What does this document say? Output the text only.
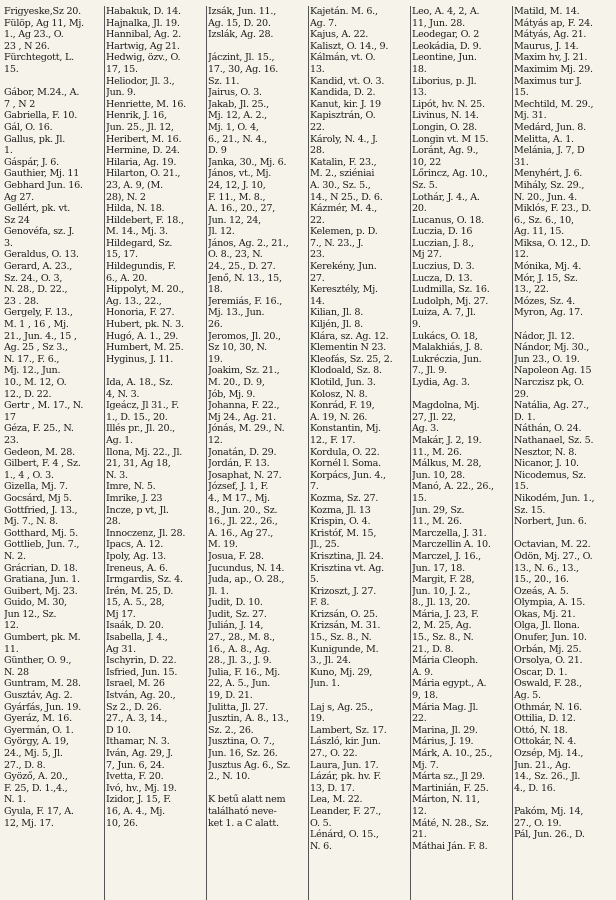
Frigyeske,Sz 20.
Fülöp, Ag 11, Mj.
1., Ag 23., O.
23 , N 26.
Fürchtegott, L.
15.
Gábor, M.24., A.
7 , N 2
Gabriella, F. 10.
Gál, O. 16.
Gallus, pk. Jl.
1.
Gáspár, J. 6.
Gauthier, Mj. 11
Gebhard Jun. 16.
Ag 27.
Gellért, pk. vt.
Sz 24
Genovéfa, sz. J.
3.
Geraldus, O. 13.
Gerard, A. 23.,
Sz. 24., O. 3,
N. 28., D. 22.,
23 . 28.
Gergely, F. 13.,
M. 1 , 16 , Mj.
21., Jun. 4., 15 ,
Ag. 25 , Sz 3.,
N. 17., F. 6.,
Mj. 12., Jun.
10., M. 12, O.
12., D. 22.
Gertr , M. 17., N.
17
Géza, F. 25., N.
23.
Gedeon, M. 28.
Gilbert, F. 4 , Sz.
1., 4 , O. 3.
Gizella, Mj. 7.
Gocsárd, Mj 5.
Gottfried, J. 13.,
Mj. 7., N. 8.
Gotthard, Mj. 5.
Gottlieb, Jun. 7.,
N. 2.
Grácrian, D. 18.
Gratiana, Jun. 1.
Guibert, Mj. 23.
Guido, M. 30,
Jun 12., Sz.
12.
Gumbert, pk. M.
11.
Günther, O. 9.,
N. 28
Guntram, M. 28.
Gusztáv, Ag. 2.
Gyárfás, Jun. 19.
Gyeráz, M. 16.
Gyermán, O. 1.
György, A. 19,
24., Mj. 5, Jl.
27., D. 8.
Gyöző, A. 20.,
F. 25, D. 1.,4.,
N. 1.
Gyula, F. 17, A.
12, Mj. 17.
Habakuk, D. 14.
Hajnalka, Jl. 19.
Hannibal, Ag. 2.
Hartwig, Ag 21.
Hedwig, özv., O.
17, 15.
Heliodor, Jl. 3.,
Jun. 9.
Henriette, M. 16.
Henrik, J. 16,
Jun. 25., Jl. 12,
Heribert, M. 16.
Hermine, D. 24.
Hilaria, Ag. 19.
Hilarton, O. 21.,
23, A. 9, (M.
28), N. 2
Hilda, N. 18.
Hildebert, F. 18.,
M. 14., Mj. 3.
Hildegard, Sz.
15, 17.
Hildegundis, F.
6., A. 20.
Hippolyt, M. 20.,
Ag. 13., 22.,
Honoria, F. 27.
Hubert, pk. N. 3.
Hugó, A. 1., 29.
Humbert, M. 25.
Hyginus, J. 11.
Ida, A. 18., Sz.
4, N. 3.
Igeácz, Jl 31., F.
1., D. 15., 20.
Illés pr., Jl. 20.,
Ag. 1.
Ilona, Mj. 22., Jl.
21, 31, Ag 18,
N. 3.
Imre, N. 5.
Imrike, J. 23
Incze, p vt, Jl.
28.
Innoczenz, Jl. 28.
Ipacs, A. 12.
Ipoly, Ag. 13.
Ireneus, A. 6.
Irmgardis, Sz. 4.
Irén, M. 25, D.
15, A. 5., 28,
Mj 17.
Isaák, D. 20.
Isabella, J. 4.,
Ag 31.
Ischyrin, D. 22.
Isfried, Jun. 15.
Israel, M. 26
István, Ag. 20.,
Sz 2., D. 26.
27., A. 3, 14.,
D 10.
Ithamar, N. 3.
Iván, Ag. 29, J.
7, Jun. 6, 24.
Ivetta, F. 20.
Ivó, hv., Mj. 19.
Izidor, J. 15, F.
16, A. 4., Mj.
10, 26.
Izsák, Jun. 11.,
Ag. 15, D. 20.
Izslák, Ag. 28.
Jáczint, Jl. 15.,
17., 30, Ag. 16.
Sz. 11.
Jairus, O. 3.
Jakab, Jl. 25.,
Mj. 12, A. 2.,
Mj. 1, O. 4,
6., 21., N. 4.,
D. 9
Janka, 30., Mj. 6.
János, vt., Mj.
24, 12, J. 10,
F. 11., M. 8.,
A. 16., 20., 27,
Jun. 12, 24,
Jl. 12.
János, Ag. 2., 21.,
O. 8., 23, N.
24., 25., D. 27.
Jenő, N. 13., 15,
18.
Jeremiás, F. 16.,
Mj. 13., Jun.
26.
Jeromos, Jl. 20.,
Sz 10, 30, N.
19.
Joakim, Sz. 21.,
M. 20., D. 9,
Jób, Mj. 9.
Johanna, F. 22.,
Mj 24., Ag. 21.
Jónás, M. 29., N.
12.
Jonatán, D. 29.
Jordán, F. 13.
Josaphat, N. 27.
József, J. 1, F.
4., M 17., Mj.
8., Jun. 20., Sz.
16., Jl. 22., 26.,
A. 16., Ag 27.,
M. 19.
Josua, F. 28.
Jucundus, N. 14.
Juda, ap., O. 28.,
Jl. 1.
Judit, D. 10.
Judit, Sz. 27.
Julián, J. 14,
27., 28., M. 8.,
16., A. 8., Ag.
28., Jl. 3., J. 9.
Julia, F. 16., Mj.
22, A. 5., Jun.
19, D. 21.
Julitta, Jl. 27.
Jusztin, A. 8., 13.,
Sz. 2., 26.
Jusztina, O. 7.,
Jun. 16, Sz. 26.
Jusztus Ag. 6., Sz.
2., N. 10.
K betű alatt nem
található neve-
ket 1. a C alatt.
Kajetán. M. 6.,
Ag. 7.
Kajus, A. 22.
Kaliszt, O. 14., 9.
Kálmán, vt. O.
13.
Kandid, vt. O. 3.
Kandida, D. 2.
Kanut, kir. J. 19
Kapisztrán, O.
22.
Károly, N. 4., J.
28.
Katalin, F. 23.,
M. 2., sziéniai
A. 30., Sz. 5.,
14., N 25., D. 6.
Kázmér, M. 4.,
22.
Kelemen, p. D.
7., N. 23., J.
23.
Kerekény, Jun.
27.
Keresztély, Mj.
14.
Kilian, Jl. 8.
Kiljén, Jl. 8.
Klára, sz. Ag. 12.
Klementin N 23.
Kleofás, Sz. 25, 2.
Klodoald, Sz. 8.
Klotild, Jun. 3.
Kolosz, N. 8.
Konrád, F. 19,
A. 19, N. 26.
Konstantin, Mj.
12., F. 17.
Kordula, O. 22.
Kornél l. Soma.
Korpács, Jun. 4.,
7.
Kozma, Sz. 27.
Kozma, Jl. 13
Krispin, O. 4.
Kristóf, M. 15,
Jl., 25.
Krisztina, Jl. 24.
Krisztina vt. Ag.
5.
Krizoszt, J. 27.
F. 8.
Krizsán, O. 25.
Krizsán, M. 31.
15., Sz. 8., N.
Kunigunde, M.
3., Jl. 24.
Kuno, Mj. 29,
Jun. 1.
Laj s, Ag. 25.,
19.
Lambert, Sz. 17.
László, kir. Jun.
27., O. 22.
Laura, Jun. 17.
Lázár, pk. hv. F.
13, D. 17.
Lea, M. 22.
Leander, F. 27.,
O. 5.
Lénárd, O. 15.,
N. 6.
Leo, A. 4, 2, A.
11, Jun. 28.
Leodegar, O. 2
Leokádia, D. 9.
Leontine, Jun.
18.
Liborius, p. Jl.
13.
Lipót, hv. N. 25.
Livinus, N. 14.
Longin, O. 28.
Longin vt. M 15.
Loránt, Ag. 9.,
10, 22
Lőrincz, Ag. 10.,
Sz. 5.
Lothár, J. 4., A.
20.
Lucanus, O. 18.
Luczia, D. 16
Luczian, J. 8.,
Mj 27.
Luczius, D. 3.
Lucza, D. 13.
Ludmilla, Sz. 16.
Ludolph, Mj. 27.
Luiza, A. 7, Jl.
9.
Lukács, O. 18,
Malakhiás, J. 8.
Lukréczia, Jun.
7., Jl. 9.
Lydia, Ag. 3.
Magdolna, Mj.
27, Jl. 22,
Ag. 3.
Makár, J. 2, 19.
11., M. 26.
Málkus, M. 28,
Jun. 10, 28.
Manó, A. 22., 26.,
15.
Jun. 29, Sz.
11., M. 26.
Marczella, J. 31.
Marczellin A. 10.
Marczel, J. 16.,
Jun. 17, 18.
Margit, F. 28,
Jun. 10, J. 2.,
8., Jl. 13, 20.
Mária, J. 23, F.
2, M. 25, Ag.
15., Sz. 8., N.
21., D. 8.
Mária Cleoph.
A. 9.
Mária egypt., A.
9, 18.
Mária Mag. Jl.
22.
Marina, Jl. 29.
Márius, J. 19.
Márk, A. 10., 25.,
Mj. 7.
Márta sz., Jl 29.
Martinián, F. 25.
Márton, N. 11,
12.
Máté, N. 28., Sz.
21.
Máthai Ján. F. 8.
Matild, M. 14.
Mátyás ap, F. 24.
Mátyás, Ag. 21.
Maurus, J. 14.
Maxim hv, J. 21.
Maximim Mj. 29.
Maximus tur J.
15.
Mechtild, M. 29.,
Mj. 31.
Medárd, Jun. 8.
Melitta, A. 1.
Melánia, J. 7, D
31.
Menyhért, J. 6.
Mihály, Sz. 29.,
N. 20., Jun. 4.
Miklós, F. 23., D.
6., Sz. 6., 10,
Ag. 11, 15.
Miksa, O. 12., D.
12.
Mónika, Mj. 4.
Mór, J. 15, Sz.
13., 22.
Mózes, Sz. 4.
Myron, Ag. 17.
Nádor, Jl. 12.
Nándor, Mj. 30.,
Jun 23., O. 19.
Napoleon Ag. 15
Narczisz pk, O.
29.
Natália, Ag. 27.,
D. 1.
Náthán, O. 24.
Nathanael, Sz. 5.
Nesztor, N. 8.
Nicanor, J. 10.
Nicodemus, Sz.
15.
Nikodém, Jun. 1.,
Sz. 15.
Norbert, Jun. 6.
Octavian, M. 22.
Ödön, Mj. 27., O.
13., N. 6., 13.,
15., 20., 16.
Ozeás, A. 5.
Olympia, A. 15.
Okas, Mj. 21.
Olga, Jl. Ilona.
Onufer, Jun. 10.
Orbán, Mj. 25.
Orsolya, O. 21.
Oscar, D. 1.
Oswald, F. 28.,
Ag. 5.
Othmár, N. 16.
Ottilia, D. 12.
Ottó, N. 18.
Ottokár, N. 4.
Ozsép, Mj. 14.,
Jun. 21., Ag.
14., Sz. 26., Jl.
4., D. 16.
Pakóm, Mj. 14,
27., O. 19.
Pál, Jun. 26., D.
